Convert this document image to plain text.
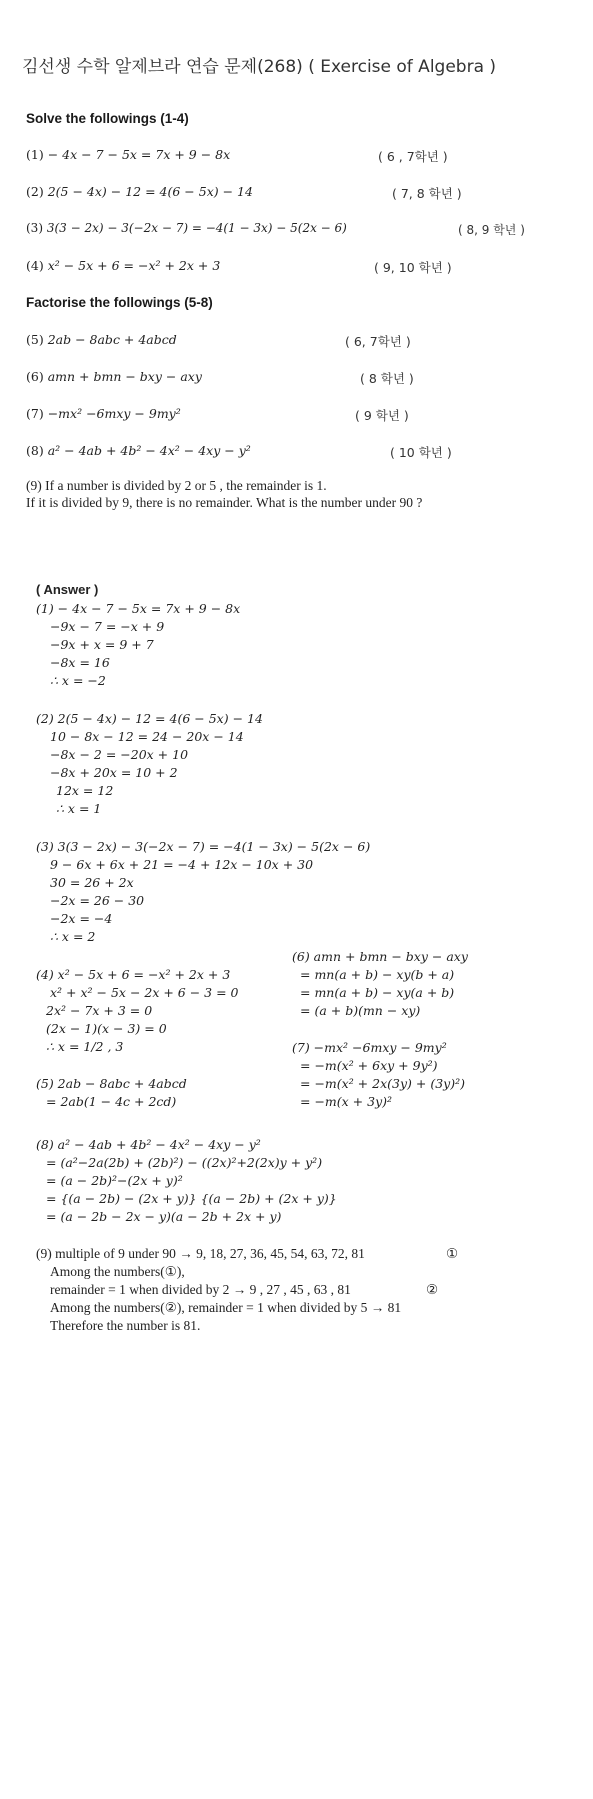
김선생 수학 알제브라 연습 문제(268) ( Exercise of Algebra )
Solve the followings (1-4)
(1) − 4x − 7 − 5x = 7x + 9 − 8x	( 6 , 7학년 )
(2) 2(5 − 4x) − 12 = 4(6 − 5x) − 14	( 7, 8 학년 )
(3) 3(3 − 2x) − 3(−2x − 7) = −4(1 − 3x) − 5(2x − 6)	( 8, 9 학년 )
(4) x² − 5x + 6 = −x² + 2x + 3	( 9, 10 학년 )
Factorise the followings (5-8)
(5) 2ab − 8abc + 4abcd	( 6, 7학년 )
(6) amn + bmn − bxy − axy	( 8 학년 )
(7) −mx² −6mxy − 9my²	( 9 학년 )
(8) a² − 4ab + 4b² − 4x² − 4xy − y²	( 10 학년 )
(9) If a number is divided by 2 or 5 , the remainder is 1.
If it is divided by 9, there is no remainder. What is the number under 90 ?
( Answer )
(1) − 4x − 7 − 5x = 7x + 9 − 8x
−9x − 7 = −x + 9
−9x + x = 9 + 7
−8x = 16
∴ x = −2
(2) 2(5 − 4x) − 12 = 4(6 − 5x) − 14
10 − 8x − 12 = 24 − 20x − 14
−8x − 2 = −20x + 10
−8x + 20x = 10 + 2
12x = 12
∴ x = 1
(3) 3(3 − 2x) − 3(−2x − 7) = −4(1 − 3x) − 5(2x − 6)
9 − 6x + 6x + 21 = −4 + 12x − 10x + 30
30 = 26 + 2x
−2x = 26 − 30
−2x = −4
∴ x = 2
(4) x² − 5x + 6 = −x² + 2x + 3
x² + x² − 5x − 2x + 6 − 3 = 0
2x² − 7x + 3 = 0
(2x − 1)(x − 3) = 0
∴ x = 1/2 , 3
(5) 2ab − 8abc + 4abcd
= 2ab(1 − 4c + 2cd)
(6) amn + bmn − bxy − axy
= mn(a + b) − xy(b + a)
= mn(a + b) − xy(a + b)
= (a + b)(mn − xy)
(7) −mx² −6mxy − 9my²
= −m(x² + 6xy + 9y²)
= −m(x² + 2x(3y) + (3y)²)
= −m(x + 3y)²
(8) a² − 4ab + 4b² − 4x² − 4xy − y²
= (a²−2a(2b) + (2b)²) − ((2x)²+2(2x)y + y²)
= (a − 2b)²−(2x + y)²
= {(a − 2b) − (2x + y)} {(a − 2b) + (2x + y)}
= (a − 2b − 2x − y)(a − 2b + 2x + y)
(9) multiple of 9 under 90 → 9, 18, 27, 36, 45, 54, 63, 72, 81	①
Among the numbers(①),
remainder = 1 when divided by 2 → 9 , 27 , 45 , 63 , 81	②
Among the numbers(②), remainder = 1 when divided by 5 → 81
Therefore the number is 81.
